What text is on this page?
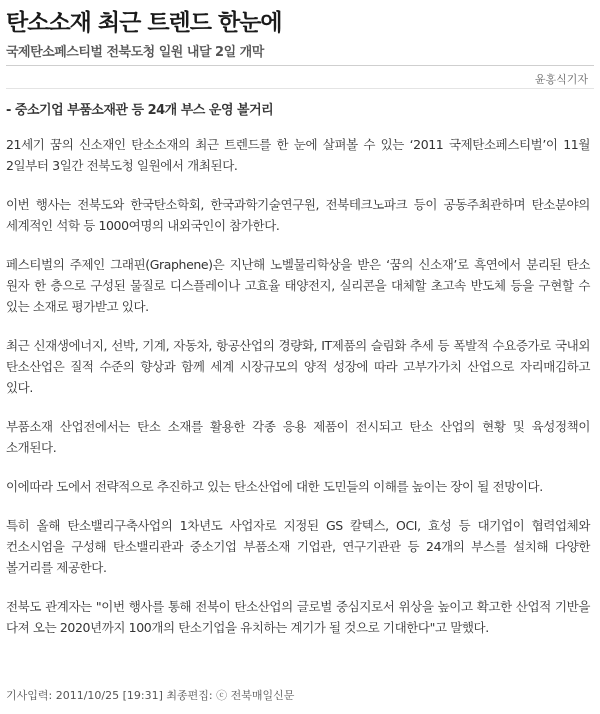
탄소소재 최근 트렌드 한눈에
국제탄소페스티벌 전북도청 일원 내달 2일 개막
윤홍식기자
- 중소기업 부품소재관 등 24개 부스 운영 볼거리

21세기 꿈의 신소재인 탄소소재의 최근 트렌드를 한 눈에 살펴볼 수 있는 ‘2011 국제탄소페스티벌’이 11월 2일부터 3일간 전북도청 일원에서 개최된다.

이번 행사는 전북도와 한국탄소학회, 한국과학기술연구원, 전북테크노파크 등이 공동주최관하며 탄소분야의 세계적인 석학 등 1000여명의 내외국인이 참가한다.

페스티벌의 주제인 그래핀(Graphene)은 지난해 노벨물리학상을 받은 ‘꿈의 신소재’로 흑연에서 분리된 탄소 원자 한 층으로 구성된 물질로 디스플레이나 고효율 태양전지, 실리콘을 대체할 초고속 반도체 등을 구현할 수 있는 소재로 평가받고 있다.

최근 신재생에너지, 선박, 기계, 자동차, 항공산업의 경량화, IT제품의 슬림화 추세 등 폭발적 수요증가로 국내외 탄소산업은 질적 수준의 향상과 함께 세계 시장규모의 양적 성장에 따라 고부가가치 산업으로 자리매김하고 있다.

부품소재 산업전에서는 탄소 소재를 활용한 각종 응용 제품이 전시되고 탄소 산업의 현황 및 육성정책이 소개된다.

이에따라 도에서 전략적으로 추진하고 있는 탄소산업에 대한 도민들의 이해를 높이는 장이 될 전망이다.

특히 올해 탄소밸리구축사업의 1차년도 사업자로 지정된 GS 칼텍스, OCI, 효성 등 대기업이 협력업체와 컨소시엄을 구성해 탄소밸리관과 중소기업 부품소재 기업관, 연구기관관 등 24개의 부스를 설치해 다양한 볼거리를 제공한다.

전북도 관계자는 "이번 행사를 통해 전북이 탄소산업의 글로벌 중심지로서 위상을 높이고 확고한 산업적 기반을 다져 오는 2020년까지 100개의 탄소기업을 유치하는 계기가 될 것으로 기대한다"고 말했다.

기사입력: 2011/10/25 [19:31] 최종편집: ⓒ 전북매일신문
